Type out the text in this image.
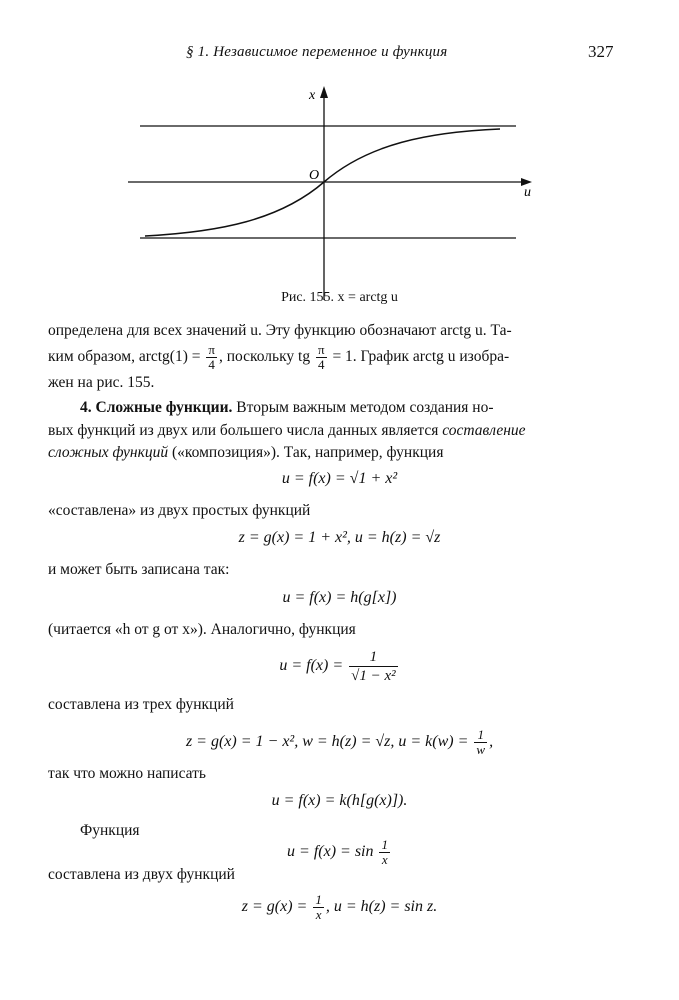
§ 1. Независимое переменное и функция	327
x
u
O
Рис. 155. x = arctg u
определена для всех значений u. Эту функцию обозначают arctg u. Та-
ким образом, arctg(1) = $\frac{\pi}{4}$ , поскольку tg $\frac{\pi}{4} = 1$. График arctg u изобра-
жен на рис. 155.
4. Сложные функции. Вторым важным методом создания но-
вых функций из двух или большего числа данных является составление
сложных функций («композиция»). Так, например, функция
u = f(x) = √1 + x²
«составлена» из двух простых функций
z = g(x) = 1 + x², u = h(z) = √z
и может быть записана так:
u = f(x) = h(g[x])
(читается «h от g от x»). Аналогично, функция
$u = f(x) = \frac{1}{\text{√1 − x²}}$
составлена из трех функций
z = g(x) = 1 − x², w = h(z) = √z, $u = k(w) = \frac{1}{w}$ ,
так что можно написать
u = f(x) = k(h[g(x)]).
Функция
$u = f(x) = \sin \frac{1}{x}$
составлена из двух функций
$z = g(x) = \frac{1}{x}$ , u = h(z) = sin z.
